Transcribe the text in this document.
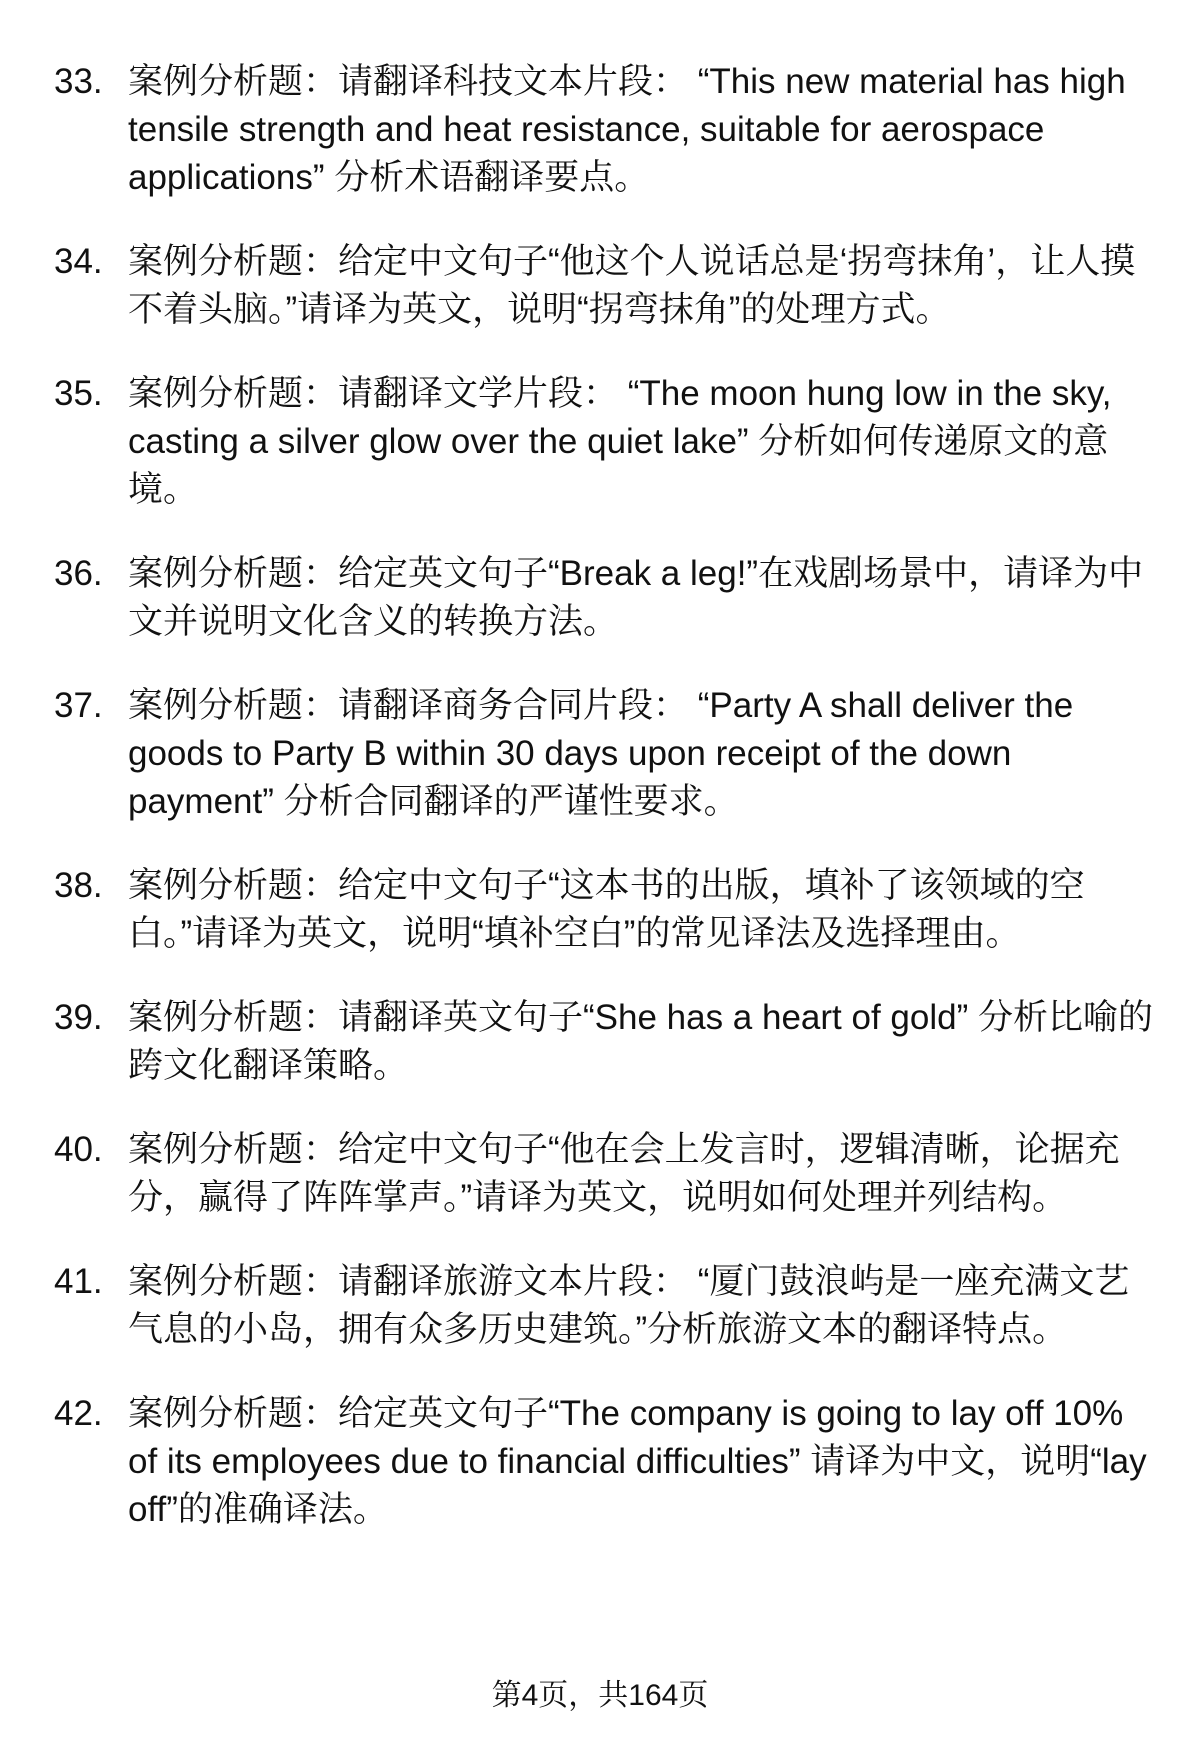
33. 案例分析题：请翻译科技文本片段： “This new material has high tensile strength and heat resistance, suitable for aerospace applications” 分析术语翻译要点。
34. 案例分析题：给定中文句子“他这个人说话总是‘拐弯抹角’，让人摸不着头脑。”请译为英文，说明“拐弯抹角”的处理方式。
35. 案例分析题：请翻译文学片段： “The moon hung low in the sky, casting a silver glow over the quiet lake” 分析如何传递原文的意境。
36. 案例分析题：给定英文句子“Break a leg!”在戏剧场景中，请译为中文并说明文化含义的转换方法。
37. 案例分析题：请翻译商务合同片段： “Party A shall deliver the goods to Party B within 30 days upon receipt of the down payment” 分析合同翻译的严谨性要求。
38. 案例分析题：给定中文句子“这本书的出版，填补了该领域的空白。”请译为英文，说明“填补空白”的常见译法及选择理由。
39. 案例分析题：请翻译英文句子“She has a heart of gold” 分析比喻的跨文化翻译策略。
40. 案例分析题：给定中文句子“他在会上发言时，逻辑清晰，论据充分，赢得了阵阵掌声。”请译为英文，说明如何处理并列结构。
41. 案例分析题：请翻译旅游文本片段： “厦门鼓浪屿是一座充满文艺气息的小岛，拥有众多历史建筑。”分析旅游文本的翻译特点。
42. 案例分析题：给定英文句子“The company is going to lay off 10% of its employees due to financial difficulties” 请译为中文，说明“lay off”的准确译法。
第4页，共164页
